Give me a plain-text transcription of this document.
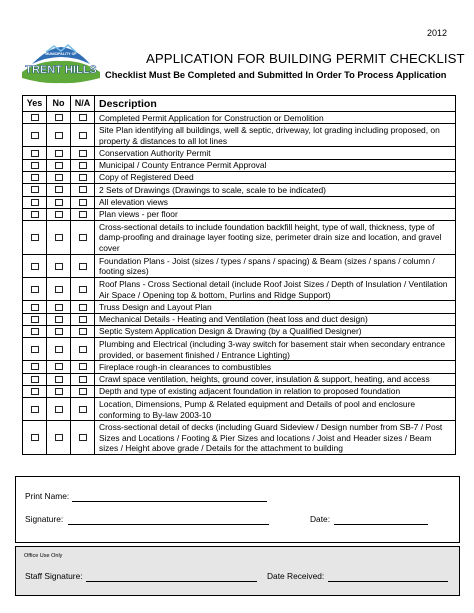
2012
MUNICIPALITY OF
TRENT HILLS
APPLICATION FOR BUILDING PERMIT CHECKLIST
Checklist Must Be Completed and Submitted In Order To Process Application
Yes	No	N/A Description
Completed Permit Application for Construction or Demolition
Site Plan identifying all buildings, well & septic, driveway, lot grading including proposed, on property & distances to all lot lines
Conservation Authority Permit
Municipal / County Entrance Permit Approval
Copy of Registered Deed
2 Sets of Drawings (Drawings to scale, scale to be indicated)
All elevation views
Plan views - per floor
Cross-sectional details to include foundation backfill height, type of wall, thickness, type of damp-proofing and drainage layer footing size, perimeter drain size and location, and gravel cover
Foundation Plans - Joist (sizes / types / spans / spacing) & Beam (sizes / spans / column / footing sizes)
Roof Plans - Cross Sectional detail (include Roof Joist Sizes / Depth of Insulation / Ventilation Air Space / Opening top & bottom, Purlins and Ridge Support)
Truss Design and Layout Plan
Mechanical Details - Heating and Ventilation (heat loss and duct design)
Septic System Application Design & Drawing (by a Qualified Designer)
Plumbing and Electrical (including 3-way switch for basement stair when secondary entrance provided, or basement finished / Entrance Lighting)
Fireplace rough-in clearances to combustibles
Crawl space ventilation, heights, ground cover, insulation & support, heating, and access
Depth and type of existing adjacent foundation in relation to proposed foundation
Location, Dimensions, Pump & Related equipment and Details of pool and enclosure conforming to By-law 2003-10
Cross-sectional detail of decks (including Guard Sideview / Design number from SB-7 / Post Sizes and Locations / Footing & Pier Sizes and locations / Joist and Header sizes / Beam sizes / Height above grade / Details for the attachment to building
Print Name:
Signature:	Date:
Office Use Only
Staff Signature:	Date Received:
